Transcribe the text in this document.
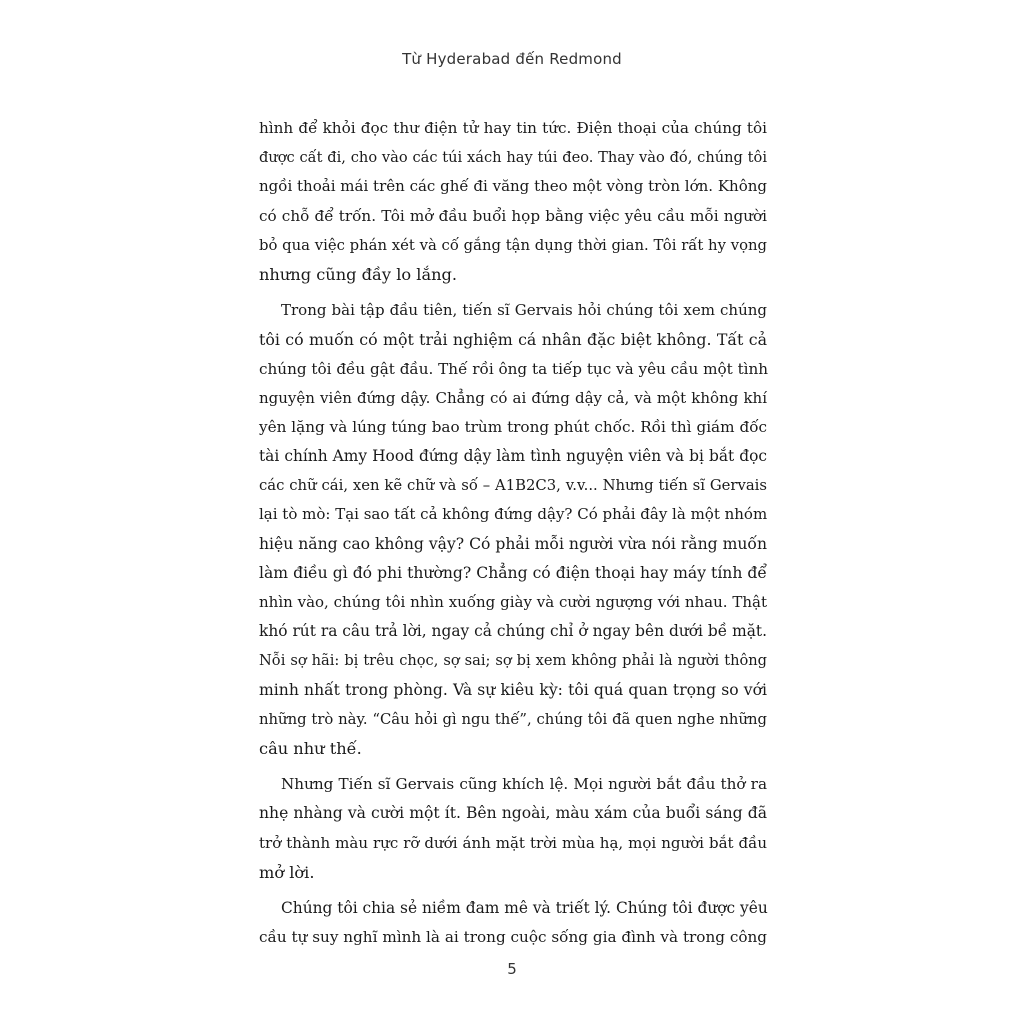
Từ Hyderabad đến Redmond
hình để khỏi đọc thư điện tử hay tin tức. Điện thoại của chúng tôi
được cất đi, cho vào các túi xách hay túi đeo. Thay vào đó, chúng tôi
ngồi thoải mái trên các ghế đi văng theo một vòng tròn lớn. Không
có chỗ để trốn. Tôi mở đầu buổi họp bằng việc yêu cầu mỗi người
bỏ qua việc phán xét và cố gắng tận dụng thời gian. Tôi rất hy vọng
nhưng cũng đầy lo lắng.
Trong bài tập đầu tiên, tiến sĩ Gervais hỏi chúng tôi xem chúng
tôi có muốn có một trải nghiệm cá nhân đặc biệt không. Tất cả
chúng tôi đều gật đầu. Thế rồi ông ta tiếp tục và yêu cầu một tình
nguyện viên đứng dậy. Chẳng có ai đứng dậy cả, và một không khí
yên lặng và lúng túng bao trùm trong phút chốc. Rồi thì giám đốc
tài chính Amy Hood đứng dậy làm tình nguyện viên và bị bắt đọc
các chữ cái, xen kẽ chữ và số – A1B2C3, v.v... Nhưng tiến sĩ Gervais
lại tò mò: Tại sao tất cả không đứng dậy? Có phải đây là một nhóm
hiệu năng cao không vậy? Có phải mỗi người vừa nói rằng muốn
làm điều gì đó phi thường? Chẳng có điện thoại hay máy tính để
nhìn vào, chúng tôi nhìn xuống giày và cười ngượng với nhau. Thật
khó rút ra câu trả lời, ngay cả chúng chỉ ở ngay bên dưới bề mặt.
Nỗi sợ hãi: bị trêu chọc, sợ sai; sợ bị xem không phải là người thông
minh nhất trong phòng. Và sự kiêu kỳ: tôi quá quan trọng so với
những trò này. “Câu hỏi gì ngu thế”, chúng tôi đã quen nghe những
câu như thế.
Nhưng Tiến sĩ Gervais cũng khích lệ. Mọi người bắt đầu thở ra
nhẹ nhàng và cười một ít. Bên ngoài, màu xám của buổi sáng đã
trở thành màu rực rỡ dưới ánh mặt trời mùa hạ, mọi người bắt đầu
mở lời.
Chúng tôi chia sẻ niềm đam mê và triết lý. Chúng tôi được yêu
cầu tự suy nghĩ mình là ai trong cuộc sống gia đình và trong công
5
